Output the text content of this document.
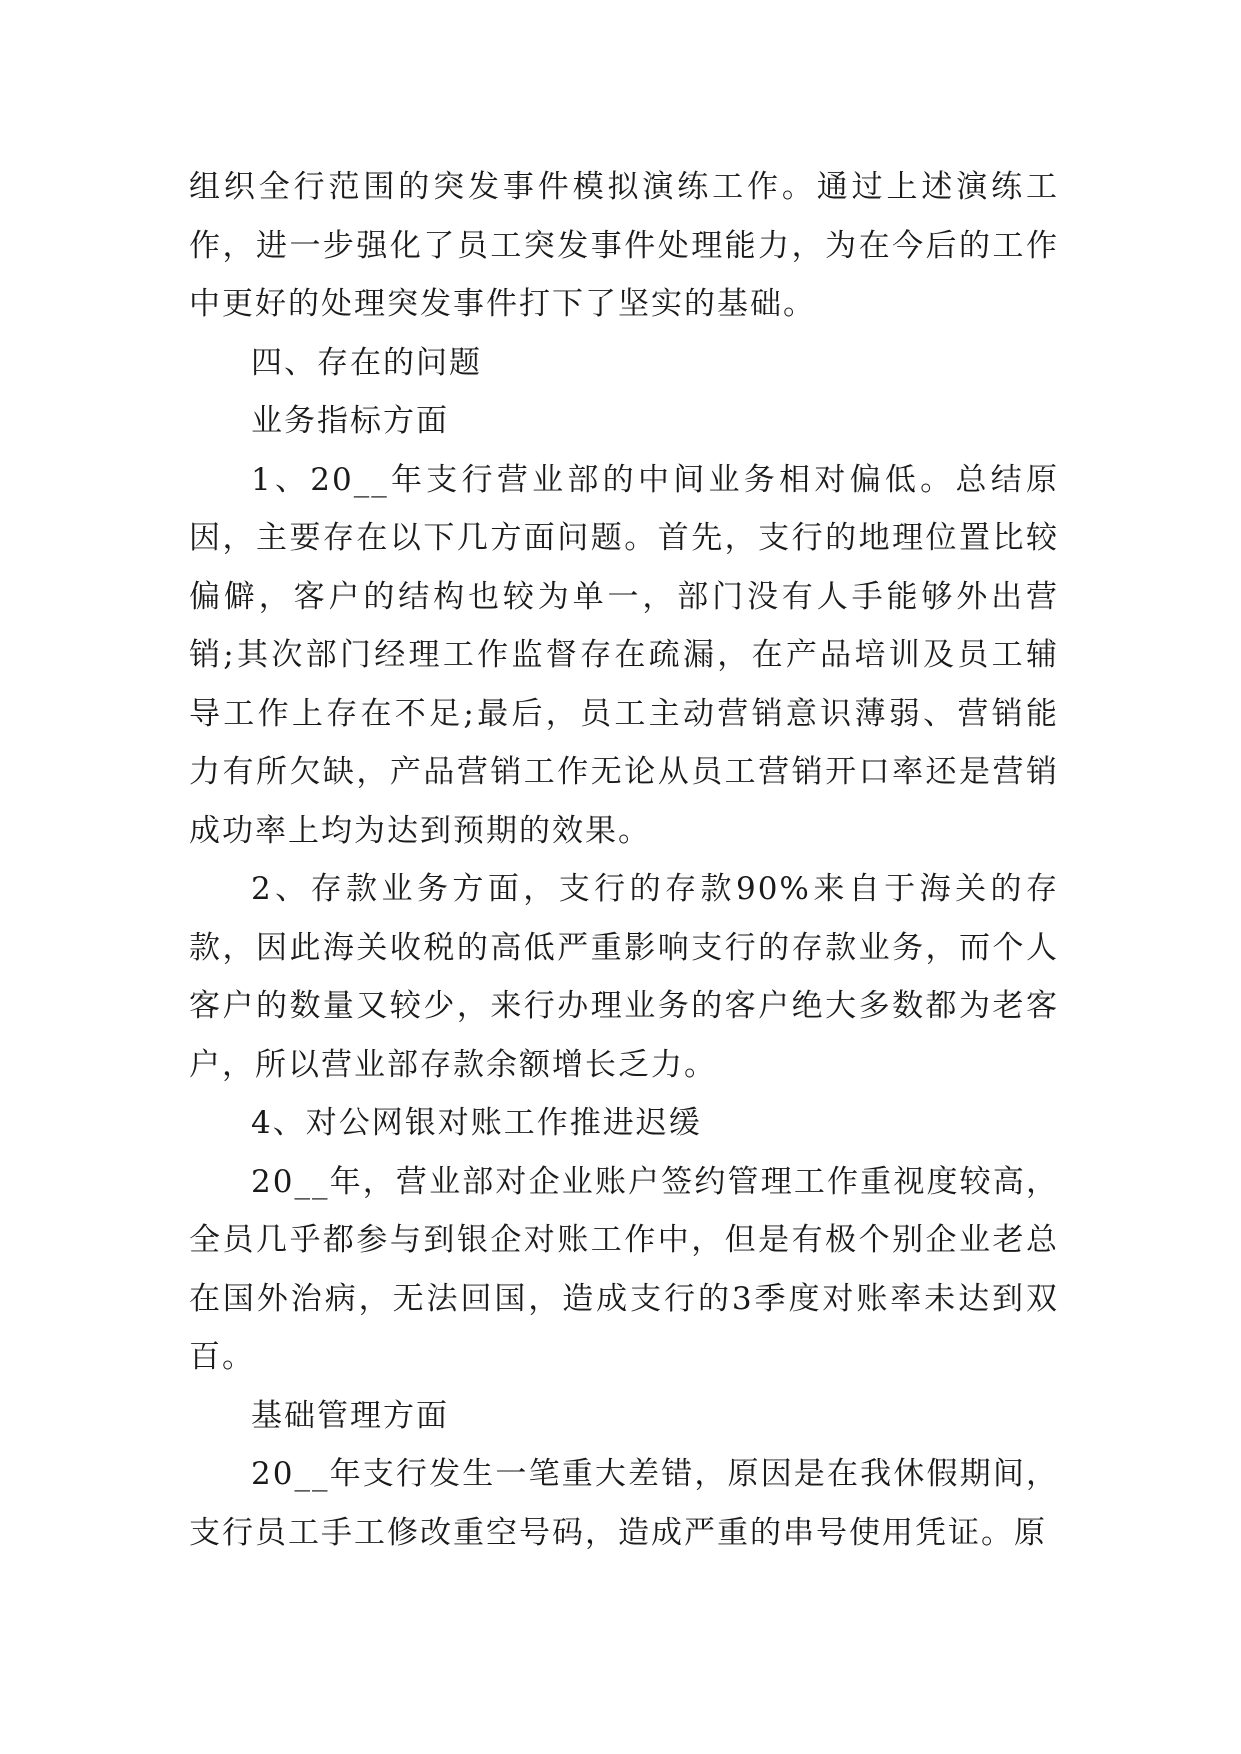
组织全行范围的突发事件模拟演练工作。通过上述演练工作，进一步强化了员工突发事件处理能力，为在今后的工作中更好的处理突发事件打下了坚实的基础。

四、存在的问题

业务指标方面

1、20__年支行营业部的中间业务相对偏低。总结原因，主要存在以下几方面问题。首先，支行的地理位置比较偏僻，客户的结构也较为单一，部门没有人手能够外出营销;其次部门经理工作监督存在疏漏，在产品培训及员工辅导工作上存在不足;最后，员工主动营销意识薄弱、营销能力有所欠缺，产品营销工作无论从员工营销开口率还是营销成功率上均为达到预期的效果。

2、存款业务方面，支行的存款90%来自于海关的存款，因此海关收税的高低严重影响支行的存款业务，而个人客户的数量又较少，来行办理业务的客户绝大多数都为老客户，所以营业部存款余额增长乏力。

4、对公网银对账工作推进迟缓

20__年，营业部对企业账户签约管理工作重视度较高，全员几乎都参与到银企对账工作中，但是有极个别企业老总在国外治病，无法回国，造成支行的3季度对账率未达到双百。

基础管理方面

20__年支行发生一笔重大差错，原因是在我休假期间，支行员工手工修改重空号码，造成严重的串号使用凭证。原
